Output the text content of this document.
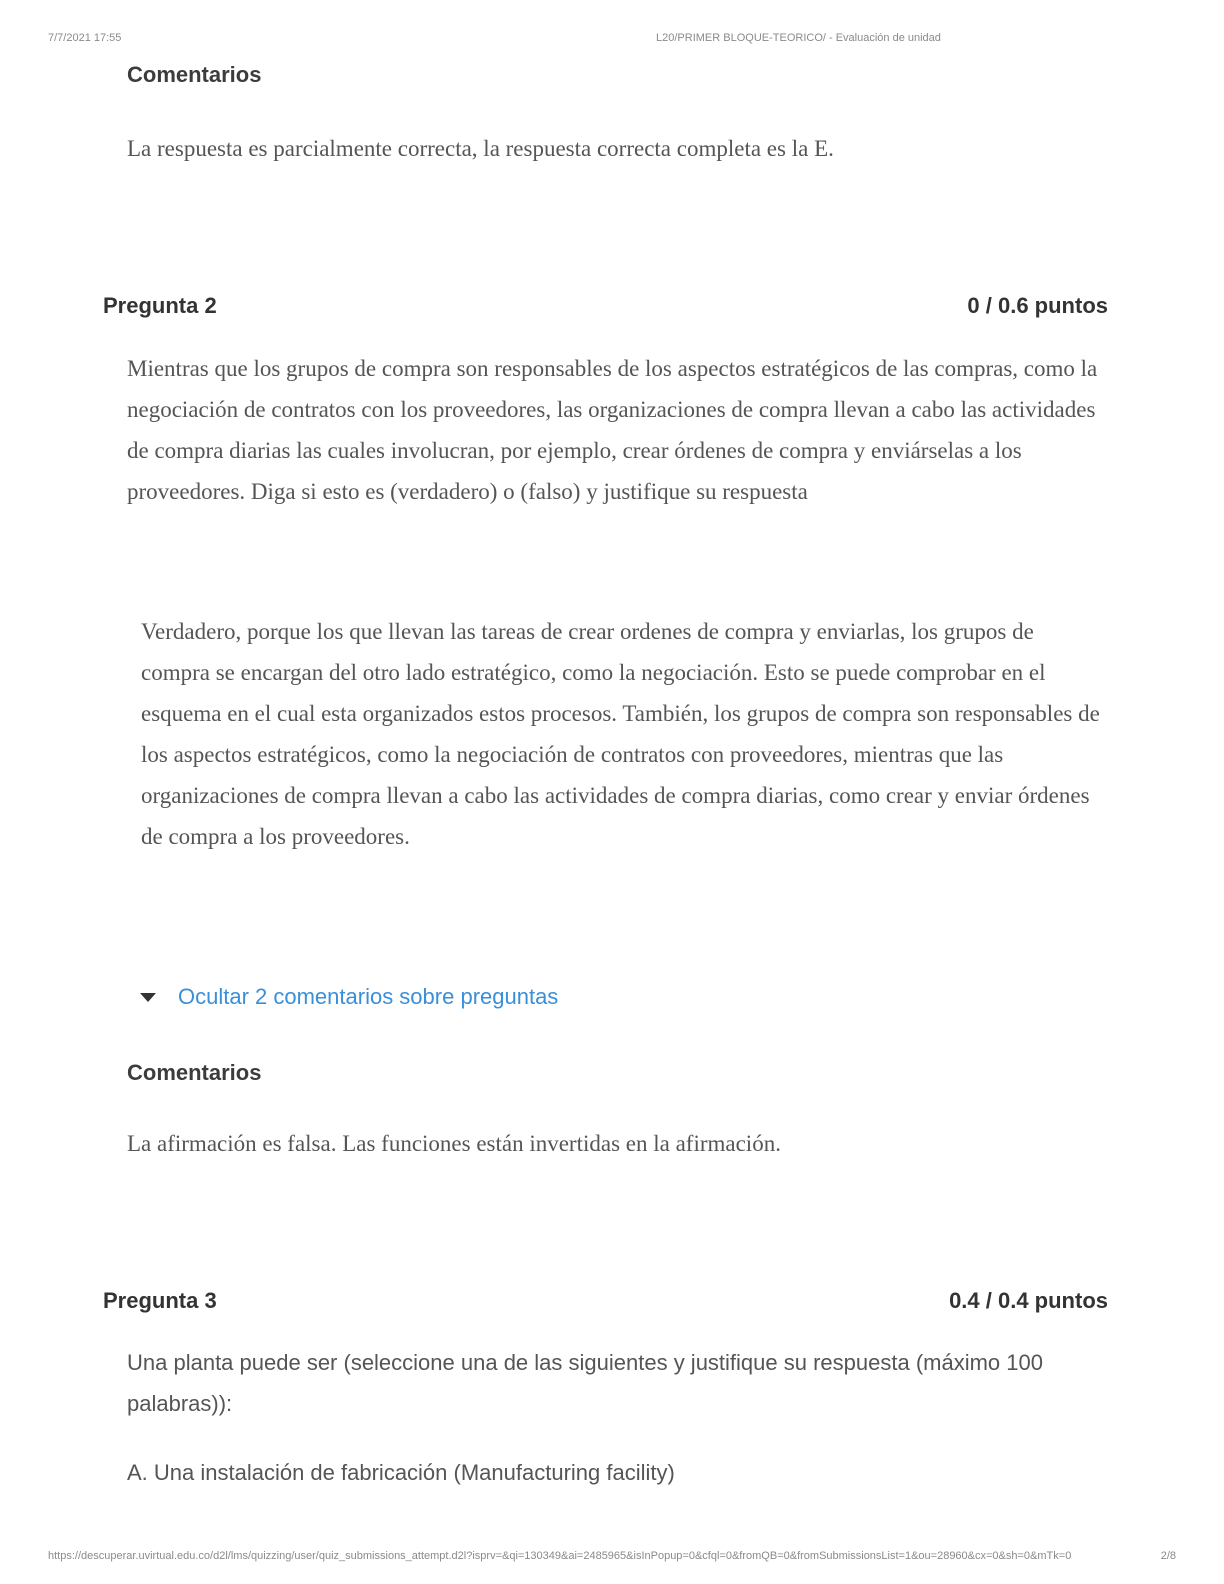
7/7/2021 17:55	L20/PRIMER BLOQUE-TEORICO/ - Evaluación de unidad
Comentarios
La respuesta es parcialmente correcta, la respuesta correcta completa es la E.
Pregunta 2	0 / 0.6 puntos
Mientras que los grupos de compra son responsables de los aspectos estratégicos de las compras, como la negociación de contratos con los proveedores, las organizaciones de compra llevan a cabo las actividades de compra diarias las cuales involucran, por ejemplo, crear órdenes de compra y enviárselas a los proveedores. Diga si esto es (verdadero) o (falso) y justifique su respuesta
Verdadero, porque los que llevan las tareas de crear ordenes de compra y enviarlas, los grupos de compra se encargan del otro lado estratégico, como la negociación. Esto se puede comprobar en el esquema en el cual esta organizados estos procesos. También, los grupos de compra son responsables de los aspectos estratégicos, como la negociación de contratos con proveedores, mientras que las organizaciones de compra llevan a cabo las actividades de compra diarias, como crear y enviar órdenes de compra a los proveedores.
Ocultar 2 comentarios sobre preguntas
Comentarios
La afirmación es falsa. Las funciones están invertidas en la afirmación.
Pregunta 3	0.4 / 0.4 puntos
Una planta puede ser (seleccione una de las siguientes y justifique su respuesta (máximo 100 palabras)):
A. Una instalación de fabricación (Manufacturing facility)
https://descuperar.uvirtual.edu.co/d2l/lms/quizzing/user/quiz_submissions_attempt.d2l?isprv=&qi=130349&ai=2485965&isInPopup=0&cfql=0&fromQB=0&fromSubmissionsList=1&ou=28960&cx=0&sh=0&mTk=0	2/8
